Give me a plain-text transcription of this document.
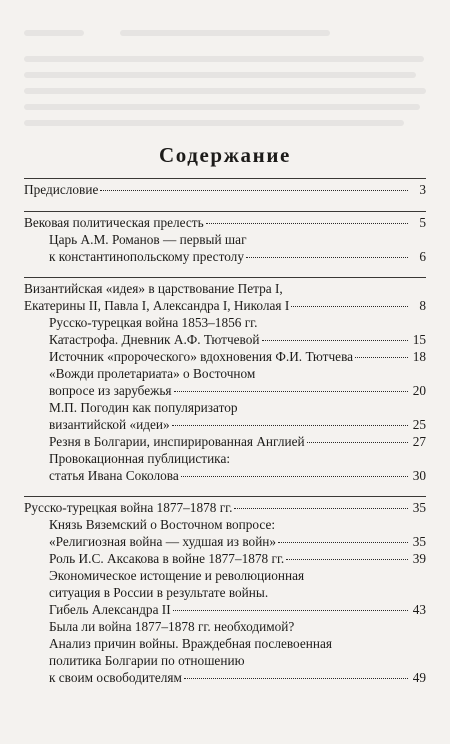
Содержание
Предисловие	3
Вековая политическая прелесть	5
Царь А.М. Романов — первый шаг
к константинопольскому престолу	6
Византийская «идея» в царствование Петра I,
Екатерины II, Павла I, Александра I, Николая I	8
Русско-турецкая война 1853–1856 гг.
Катастрофа. Дневник А.Ф. Тютчевой	15
Источник «пророческого» вдохновения Ф.И. Тютчева	18
«Вожди пролетариата» о Восточном
вопросе из зарубежья	20
М.П. Погодин как популяризатор
византийской «идеи»	25
Резня в Болгарии, инспирированная Англией	27
Провокационная публицистика:
статья Ивана Соколова	30
Русско-турецкая война 1877–1878 гг.	35
Князь Вяземский о Восточном вопросе:
«Религиозная война — худшая из войн»	35
Роль И.С. Аксакова в войне 1877–1878 гг.	39
Экономическое истощение и революционная
ситуация в России в результате войны.
Гибель Александра II	43
Была ли война 1877–1878 гг. необходимой?
Анализ причин войны. Враждебная послевоенная
политика Болгарии по отношению
к своим освободителям	49
